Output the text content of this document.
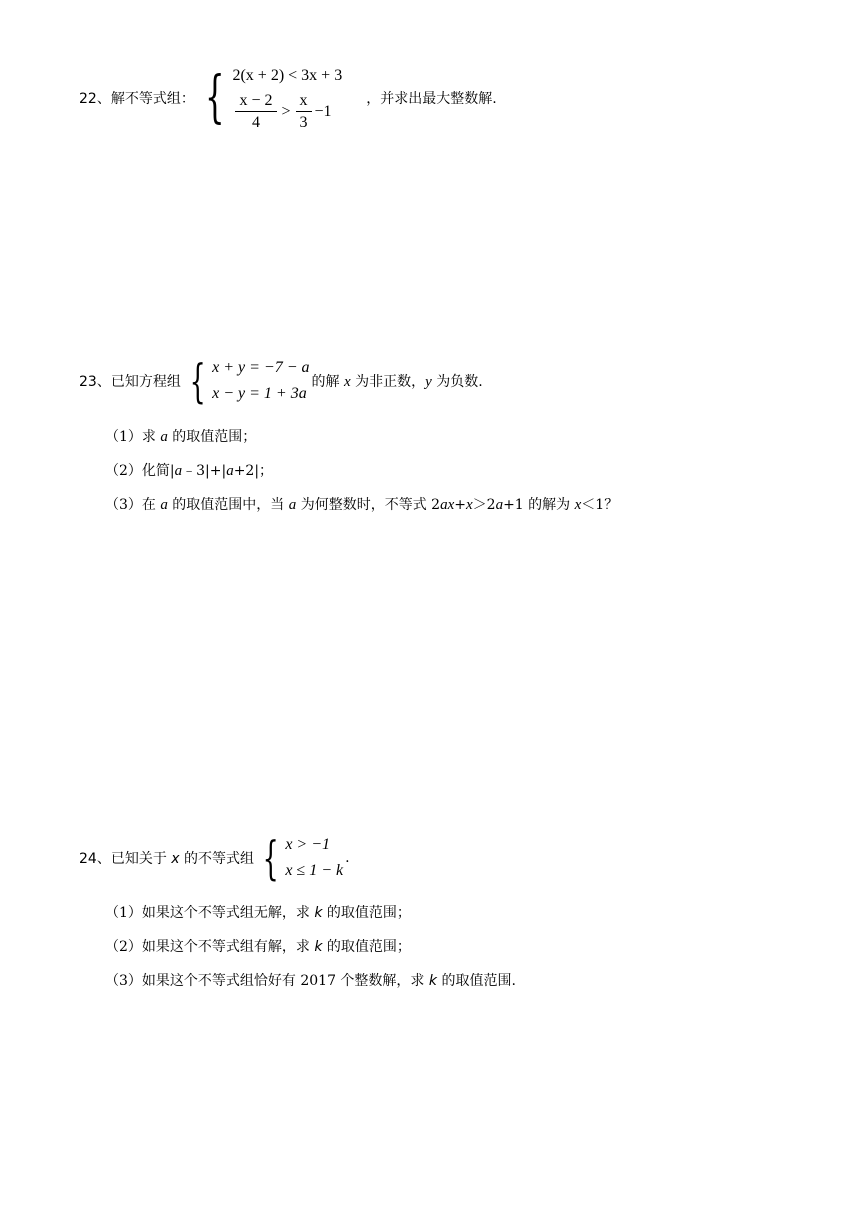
22、 解不等式组： { 2(x + 2) < 3x + 3
$\frac{x - 2}{4} > \frac{x}{3} -1$
，并求出最大整数解.
23、 已知方程组 { x + y = −7 − a
x − y = 1 + 3a
的解 x 为非正数，y 为负数.
（1）求 a 的取值范围；
（2）化简|a﹣3|+|a+2|；
（3）在 a 的取值范围中，当 a 为何整数时，不等式 2ax+x＞2a+1 的解为 x＜1？
24、 已知关于 x 的不等式组 { x > −1
x ≤ 1 − k
.
（1）如果这个不等式组无解，求 k 的取值范围；
（2）如果这个不等式组有解，求 k 的取值范围；
（3）如果这个不等式组恰好有 2017 个整数解，求 k 的取值范围.
